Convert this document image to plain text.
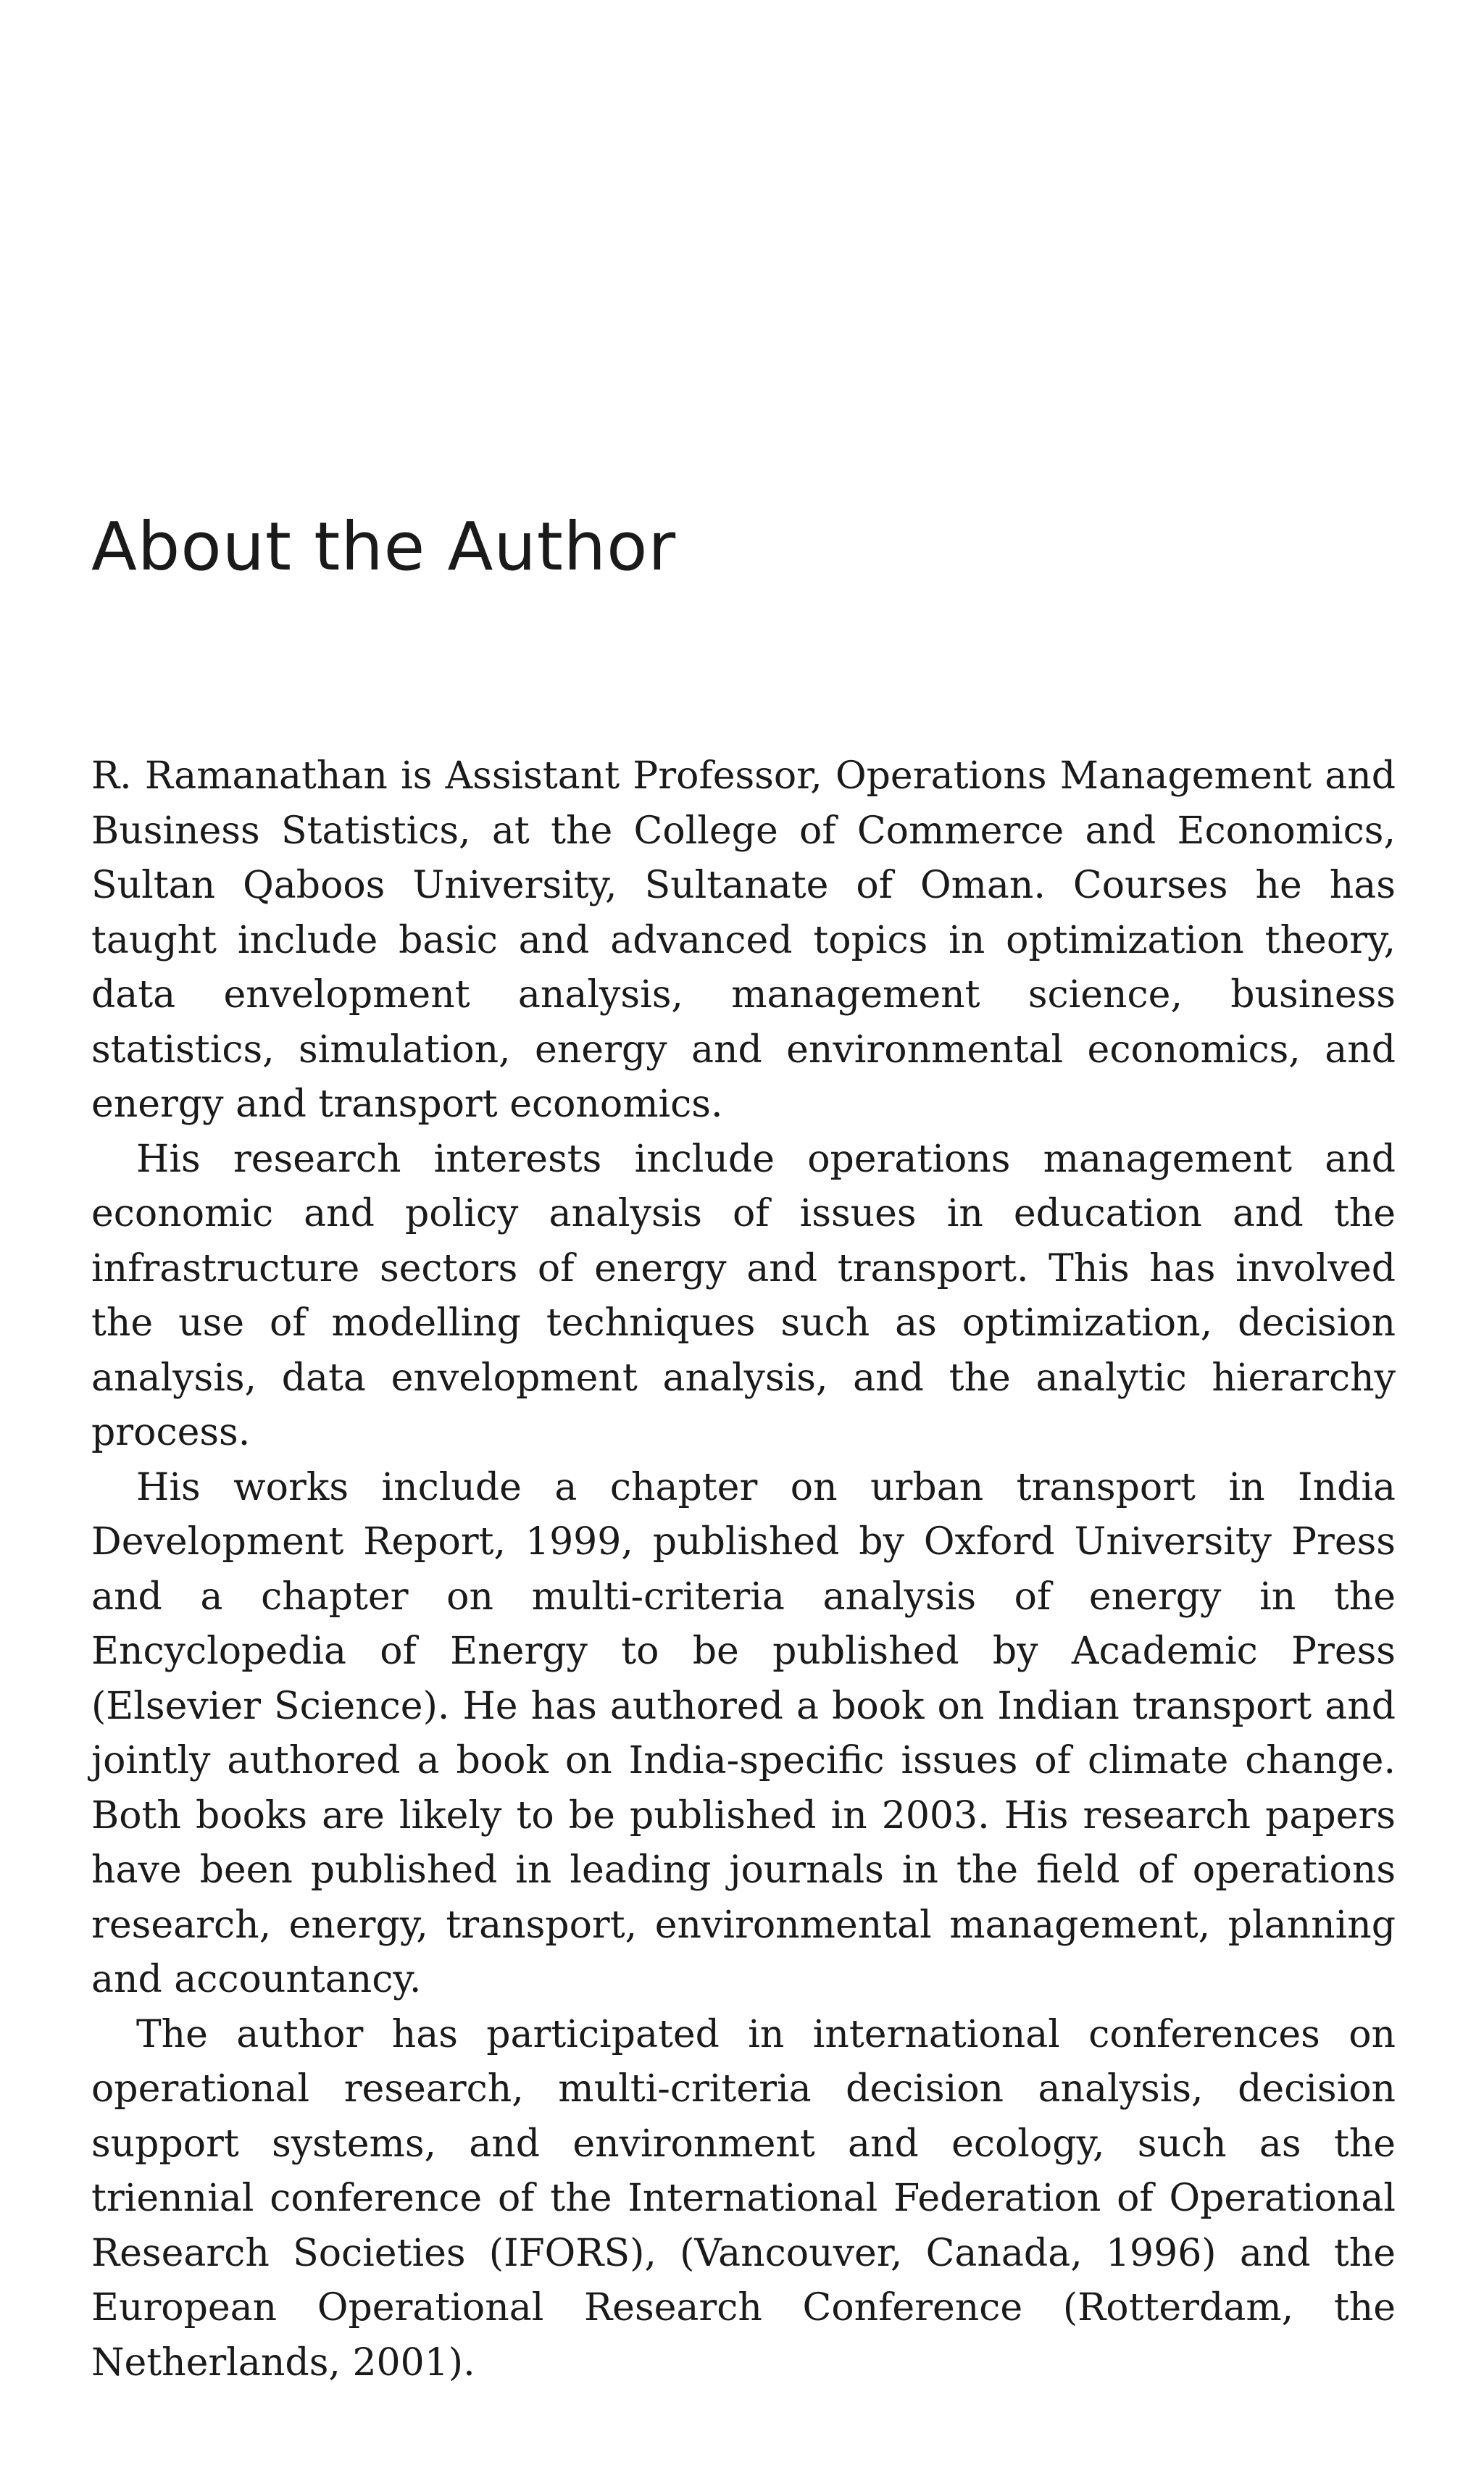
About the Author

R. Ramanathan is Assistant Professor, Operations Management and Business Statistics, at the College of Commerce and Economics, Sultan Qaboos University, Sultanate of Oman. Courses he has taught include basic and advanced topics in optimization theory, data envelopment analysis, management science, business statistics, simulation, energy and environmental economics, and energy and transport economics.

His research interests include operations management and economic and policy analysis of issues in education and the infrastructure sectors of energy and transport. This has involved the use of modelling techniques such as optimization, decision analysis, data envelopment analysis, and the analytic hierarchy process.

His works include a chapter on urban transport in India Development Report, 1999, published by Oxford University Press and a chapter on multi-criteria analysis of energy in the Encyclopedia of Energy to be published by Academic Press (Elsevier Science). He has authored a book on Indian transport and jointly authored a book on India-specific issues of climate change. Both books are likely to be published in 2003. His research papers have been published in leading journals in the field of operations research, energy, transport, environmental management, planning and accountancy.

The author has participated in international conferences on operational research, multi-criteria decision analysis, decision support systems, and environment and ecology, such as the triennial conference of the International Federation of Operational Research Societies (IFORS), (Vancouver, Canada, 1996) and the European Operational Research Conference (Rotterdam, the Netherlands, 2001).
